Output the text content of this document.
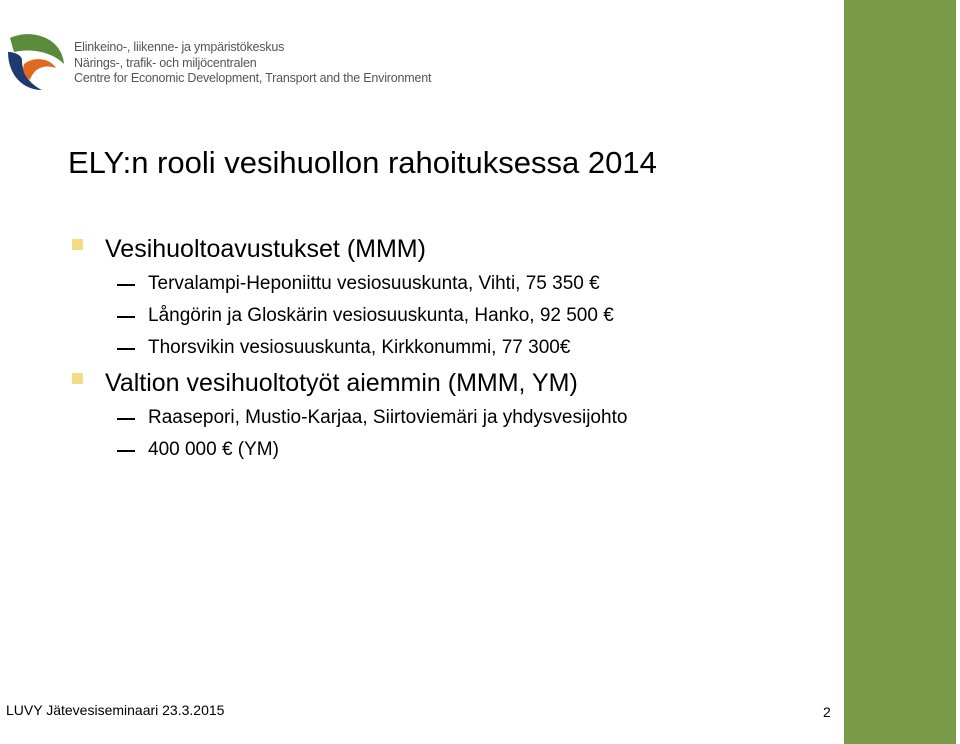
Elinkeino-, liikenne- ja ympäristökeskus
Närings-, trafik- och miljöcentralen
Centre for Economic Development, Transport and the Environment
ELY:n rooli vesihuollon rahoituksessa 2014
Vesihuoltoavustukset (MMM)
Tervalampi-Heponiittu vesiosuuskunta, Vihti, 75 350 €
Långörin ja Gloskärin vesiosuuskunta, Hanko, 92 500 €
Thorsvikin vesiosuuskunta, Kirkkonummi, 77 300€
Valtion vesihuoltotyöt aiemmin (MMM, YM)
Raasepori, Mustio-Karjaa, Siirtoviemäri ja yhdysvesijohto
400 000 € (YM)
LUVY Jätevesiseminaari 23.3.2015	2
